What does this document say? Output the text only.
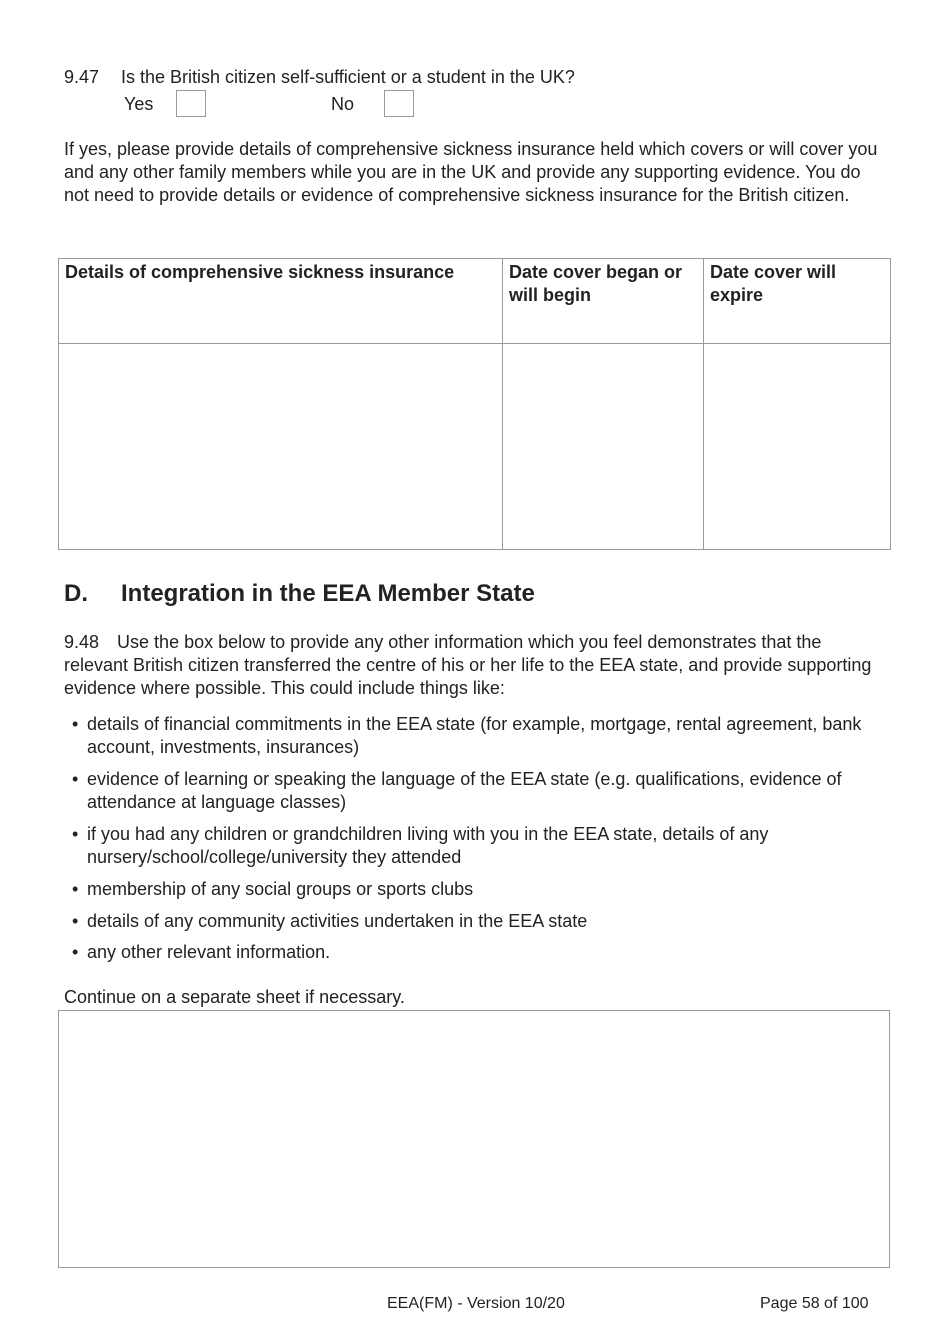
9.47 Is the British citizen self-sufficient or a student in the UK?
Yes	No
If yes, please provide details of comprehensive sickness insurance held which covers or will cover you and any other family members while you are in the UK and provide any supporting evidence. You do not need to provide details or evidence of comprehensive sickness insurance for the British citizen.
Details of comprehensive sickness insurance	Date cover began or will begin	Date cover will expire

D. Integration in the EEA Member State
9.48 Use the box below to provide any other information which you feel demonstrates that the relevant British citizen transferred the centre of his or her life to the EEA state, and provide supporting evidence where possible. This could include things like:
• details of financial commitments in the EEA state (for example, mortgage, rental agreement, bank account, investments, insurances)
• evidence of learning or speaking the language of the EEA state (e.g. qualifications, evidence of attendance at language classes)
• if you had any children or grandchildren living with you in the EEA state, details of any nursery/school/college/university they attended
• membership of any social groups or sports clubs
• details of any community activities undertaken in the EEA state
• any other relevant information.
Continue on a separate sheet if necessary.
EEA(FM) - Version 10/20	Page 58 of 100
